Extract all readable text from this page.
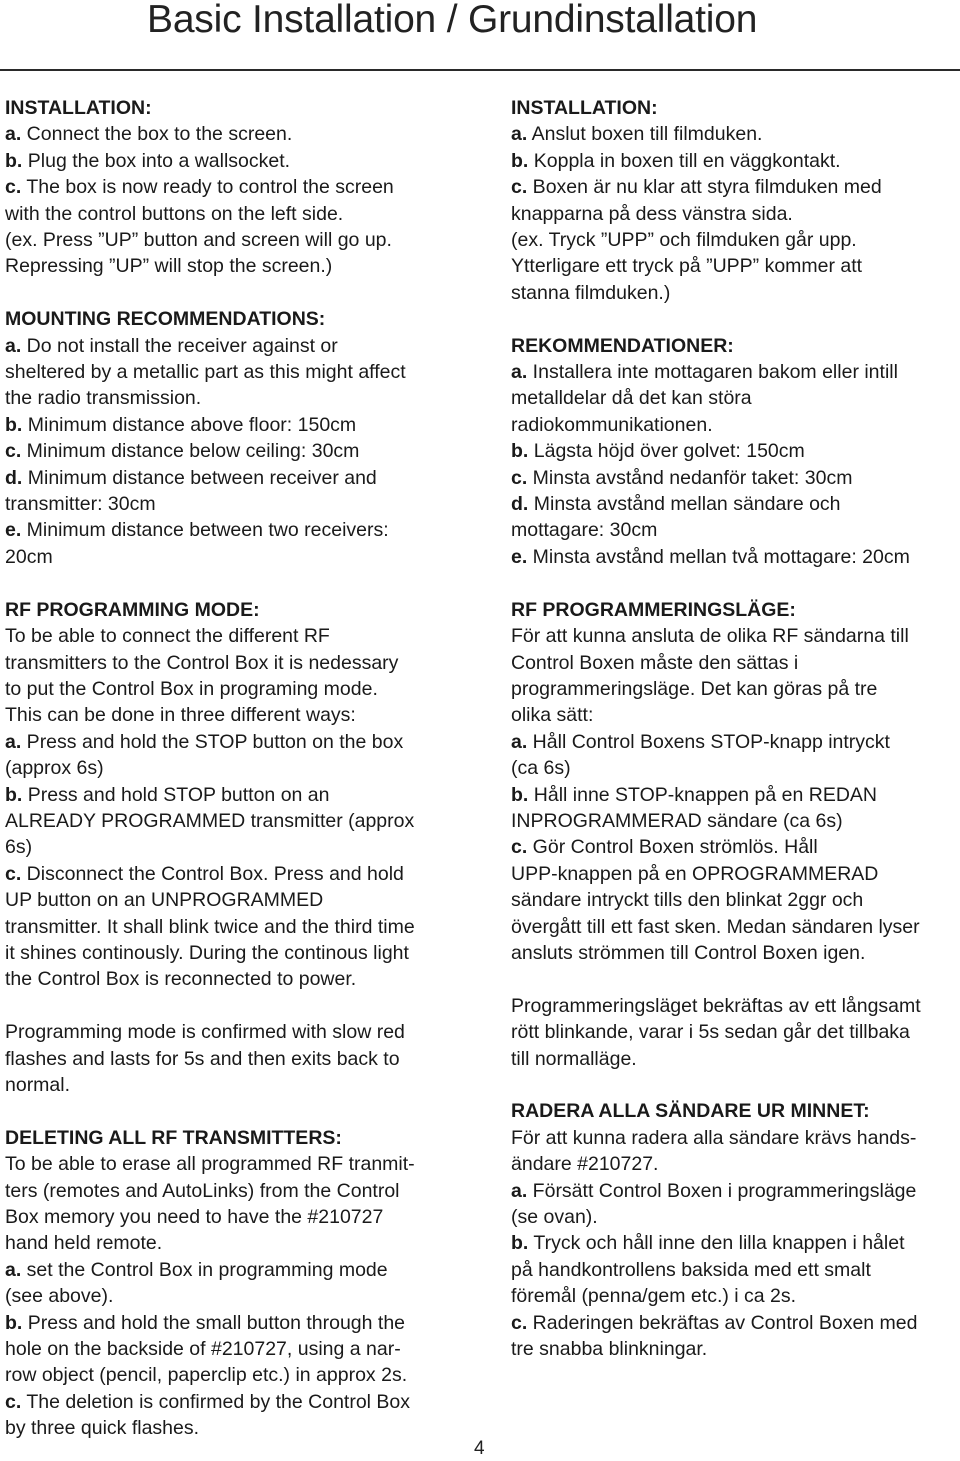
Basic Installation / Grundinstallation
INSTALLATION:
a. Connect the box to the screen.
b. Plug the box into a wallsocket.
c. The box is now ready to control the screen
with the control buttons on the left side.
(ex. Press ”UP” button and screen will go up.
Repressing ”UP” will stop the screen.)
MOUNTING RECOMMENDATIONS:
a. Do not install the receiver against or
sheltered by a metallic part as this might affect
the radio transmission.
b. Minimum distance above floor: 150cm
c. Minimum distance below ceiling: 30cm
d. Minimum distance between receiver and
transmitter: 30cm
e. Minimum distance between two receivers:
20cm
RF PROGRAMMING MODE:
To be able to connect the different RF
transmitters to the Control Box it is nedessary
to put the Control Box in programing mode.
This can be done in three different ways:
a. Press and hold the STOP button on the box
(approx 6s)
b. Press and hold STOP button on an
ALREADY PROGRAMMED transmitter (approx
6s)
c. Disconnect the Control Box. Press and hold
UP button on an UNPROGRAMMED
transmitter. It shall blink twice and the third time
it shines continously. During the continous light
the Control Box is reconnected to power.
Programming mode is confirmed with slow red
flashes and lasts for 5s and then exits back to
normal.
DELETING ALL RF TRANSMITTERS:
To be able to erase all programmed RF tranmit-
ters (remotes and AutoLinks) from the Control
Box memory you need to have the #210727
hand held remote.
a. set the Control Box in programming mode
(see above).
b. Press and hold the small button through the
hole on the backside of #210727, using a nar-
row object (pencil, paperclip etc.) in approx 2s.
c. The deletion is confirmed by the Control Box
by three quick flashes.
INSTALLATION:
a. Anslut boxen till filmduken.
b. Koppla in boxen till en väggkontakt.
c. Boxen är nu klar att styra filmduken med
knapparna på dess vänstra sida.
(ex. Tryck ”UPP” och filmduken går upp.
Ytterligare ett tryck på ”UPP” kommer att
stanna filmduken.)
REKOMMENDATIONER:
a. Installera inte mottagaren bakom eller intill
metalldelar då det kan störa
radiokommunikationen.
b. Lägsta höjd över golvet: 150cm
c. Minsta avstånd nedanför taket: 30cm
d. Minsta avstånd mellan sändare och
mottagare: 30cm
e. Minsta avstånd mellan två mottagare: 20cm
RF PROGRAMMERINGSLÄGE:
För att kunna ansluta de olika RF sändarna till
Control Boxen måste den sättas i
programmeringsläge. Det kan göras på tre
olika sätt:
a. Håll Control Boxens STOP-knapp intryckt
(ca 6s)
b. Håll inne STOP-knappen på en REDAN
INPROGRAMMERAD sändare (ca 6s)
c. Gör Control Boxen strömlös. Håll
UPP-knappen på en OPROGRAMMERAD
sändare intryckt tills den blinkat 2ggr och
övergått till ett fast sken. Medan sändaren lyser
ansluts strömmen till Control Boxen igen.
Programmeringsläget bekräftas av ett långsamt
rött blinkande, varar i 5s sedan går det tillbaka
till normalläge.
RADERA ALLA SÄNDARE UR MINNET:
För att kunna radera alla sändare krävs hands-
ändare #210727.
a. Försätt Control Boxen i programmeringsläge
(se ovan).
b. Tryck och håll inne den lilla knappen i hålet
på handkontrollens baksida med ett smalt
föremål (penna/gem etc.) i ca 2s.
c. Raderingen bekräftas av Control Boxen med
tre snabba blinkningar.
4
